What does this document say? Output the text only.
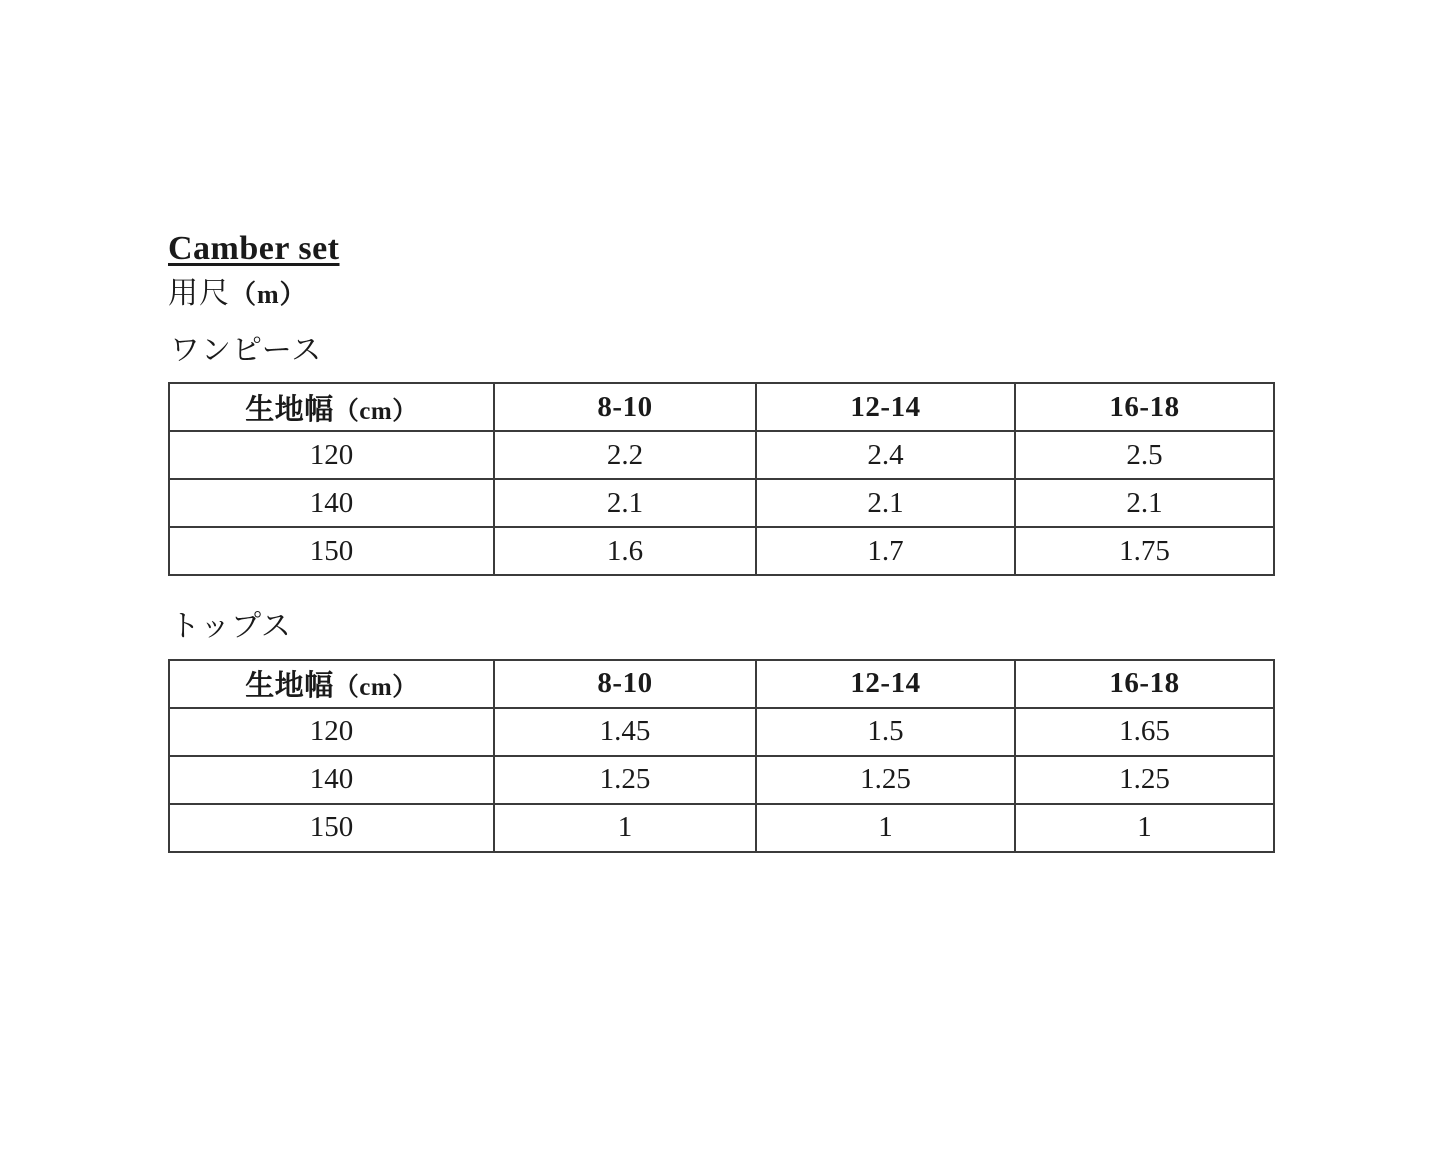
Camber set
用尺（m）
ワンピース
生地幅（cm）	8-10	12-14	16-18
120	2.2	2.4	2.5
140	2.1	2.1	2.1
150	1.6	1.7	1.75
トップス
生地幅（cm）	8-10	12-14	16-18
120	1.45	1.5	1.65
140	1.25	1.25	1.25
150	1	1	1
